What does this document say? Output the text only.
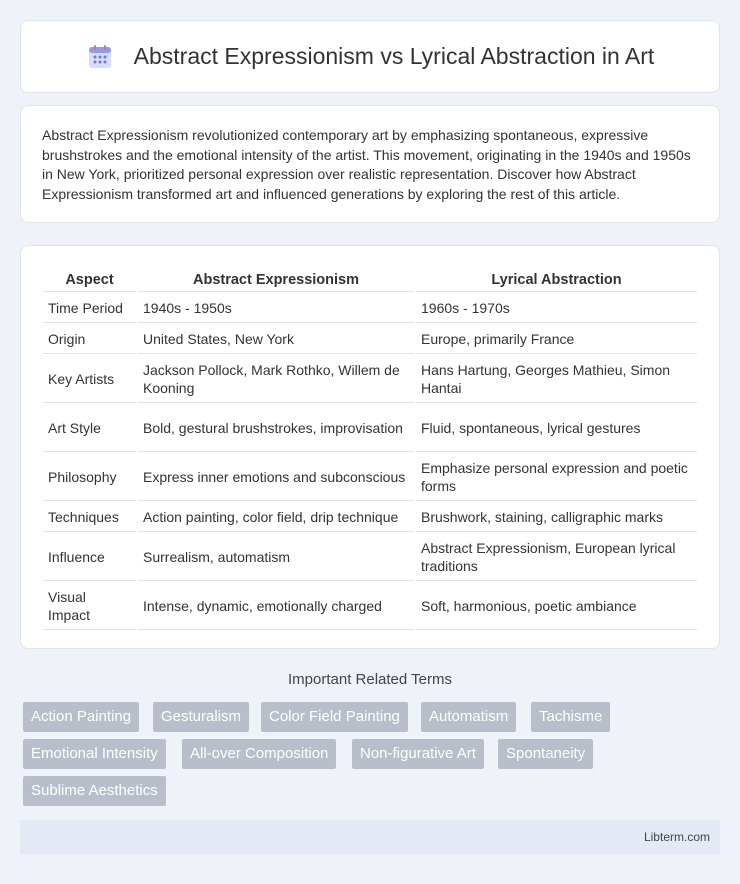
Abstract Expressionism vs Lyrical Abstraction in Art

Abstract Expressionism revolutionized contemporary art by emphasizing spontaneous, expressive brushstrokes and the emotional intensity of the artist. This movement, originating in the 1940s and 1950s in New York, prioritized personal expression over realistic representation. Discover how Abstract Expressionism transformed art and influenced generations by exploring the rest of this article.

Aspect	Abstract Expressionism	Lyrical Abstraction
Time Period	1940s - 1950s	1960s - 1970s
Origin	United States, New York	Europe, primarily France
Key Artists	Jackson Pollock, Mark Rothko, Willem de Kooning	Hans Hartung, Georges Mathieu, Simon Hantai
Art Style	Bold, gestural brushstrokes, improvisation	Fluid, spontaneous, lyrical gestures
Philosophy	Express inner emotions and subconscious	Emphasize personal expression and poetic forms
Techniques	Action painting, color field, drip technique	Brushwork, staining, calligraphic marks
Influence	Surrealism, automatism	Abstract Expressionism, European lyrical traditions
Visual Impact	Intense, dynamic, emotionally charged	Soft, harmonious, poetic ambiance
Important Related Terms
Action Painting	Gesturalism	Color Field Painting	Automatism	Tachisme
Emotional Intensity	All-over Composition	Non-figurative Art	Spontaneity
Sublime Aesthetics
Libterm.com
